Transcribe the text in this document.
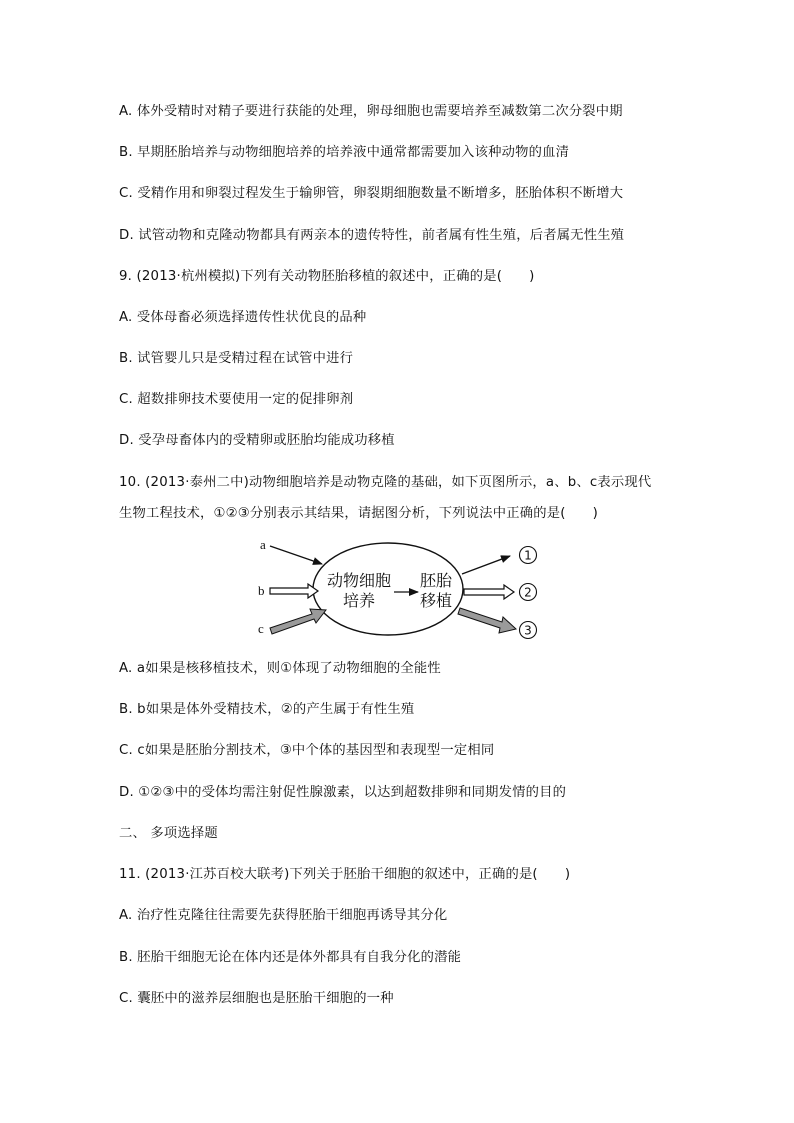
A. 体外受精时对精子要进行获能的处理，卵母细胞也需要培养至减数第二次分裂中期
B. 早期胚胎培养与动物细胞培养的培养液中通常都需要加入该种动物的血清
C. 受精作用和卵裂过程发生于输卵管，卵裂期细胞数量不断增多，胚胎体积不断增大
D. 试管动物和克隆动物都具有两亲本的遗传特性，前者属有性生殖，后者属无性生殖
9. (2013·杭州模拟)下列有关动物胚胎移植的叙述中，正确的是(　　)
A. 受体母畜必须选择遗传性状优良的品种
B. 试管婴儿只是受精过程在试管中进行
C. 超数排卵技术要使用一定的促排卵剂
D. 受孕母畜体内的受精卵或胚胎均能成功移植
10. (2013·泰州二中)动物细胞培养是动物克隆的基础，如下页图所示，a、b、c表示现代
生物工程技术，①②③分别表示其结果，请据图分析，下列说法中正确的是(　　)
a
b
c
动物细胞
培养
胚胎
移植
1
2
3
A. a如果是核移植技术，则①体现了动物细胞的全能性
B. b如果是体外受精技术，②的产生属于有性生殖
C. c如果是胚胎分割技术，③中个体的基因型和表现型一定相同
D. ①②③中的受体均需注射促性腺激素，以达到超数排卵和同期发情的目的
二、 多项选择题
11. (2013·江苏百校大联考)下列关于胚胎干细胞的叙述中，正确的是(　　)
A. 治疗性克隆往往需要先获得胚胎干细胞再诱导其分化
B. 胚胎干细胞无论在体内还是体外都具有自我分化的潜能
C. 囊胚中的滋养层细胞也是胚胎干细胞的一种
